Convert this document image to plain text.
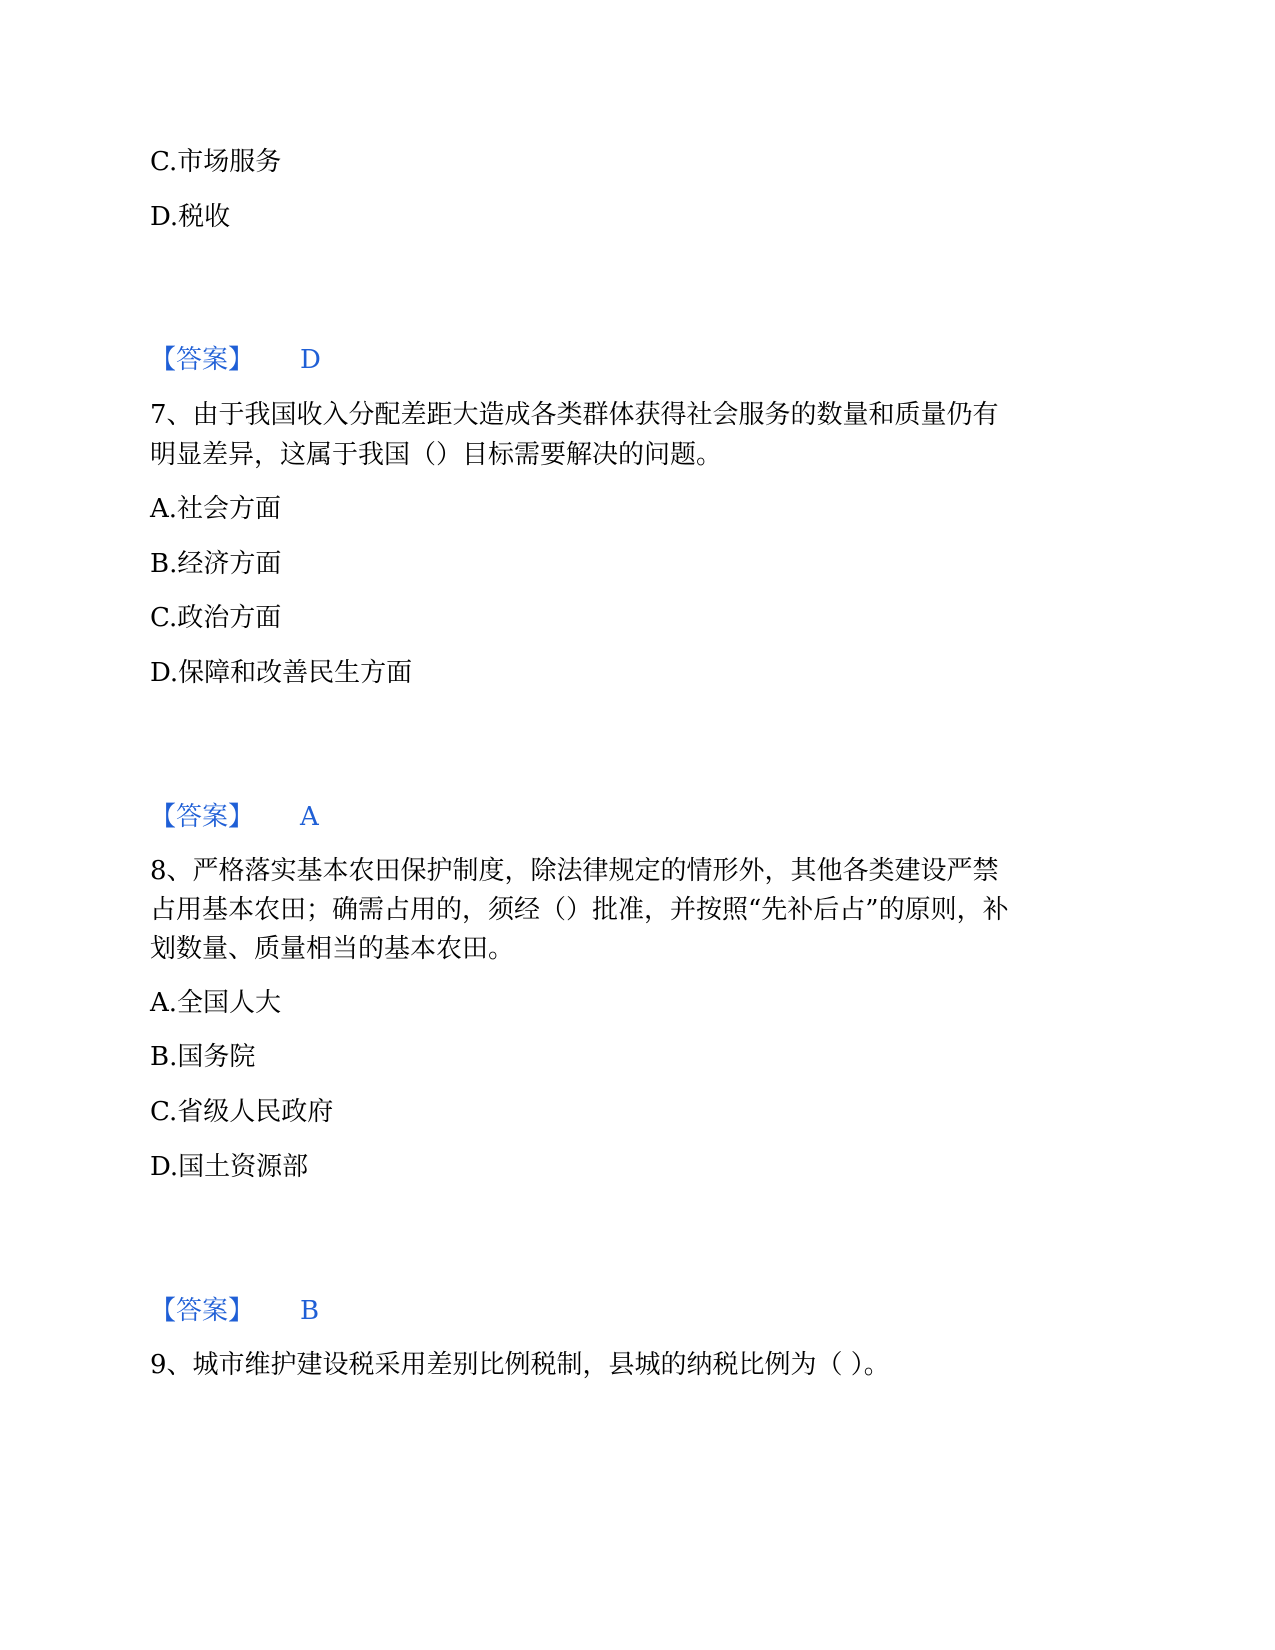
C.市场服务
D.税收
【答案】 D
7、由于我国收入分配差距大造成各类群体获得社会服务的数量和质量仍有
明显差异，这属于我国（）目标需要解决的问题。
A.社会方面
B.经济方面
C.政治方面
D.保障和改善民生方面
【答案】 A
8、严格落实基本农田保护制度，除法律规定的情形外，其他各类建设严禁
占用基本农田；确需占用的，须经（）批准，并按照“先补后占”的原则，补
划数量、质量相当的基本农田。
A.全国人大
B.国务院
C.省级人民政府
D.国土资源部
【答案】 B
9、城市维护建设税采用差别比例税制，县城的纳税比例为（ ）。
